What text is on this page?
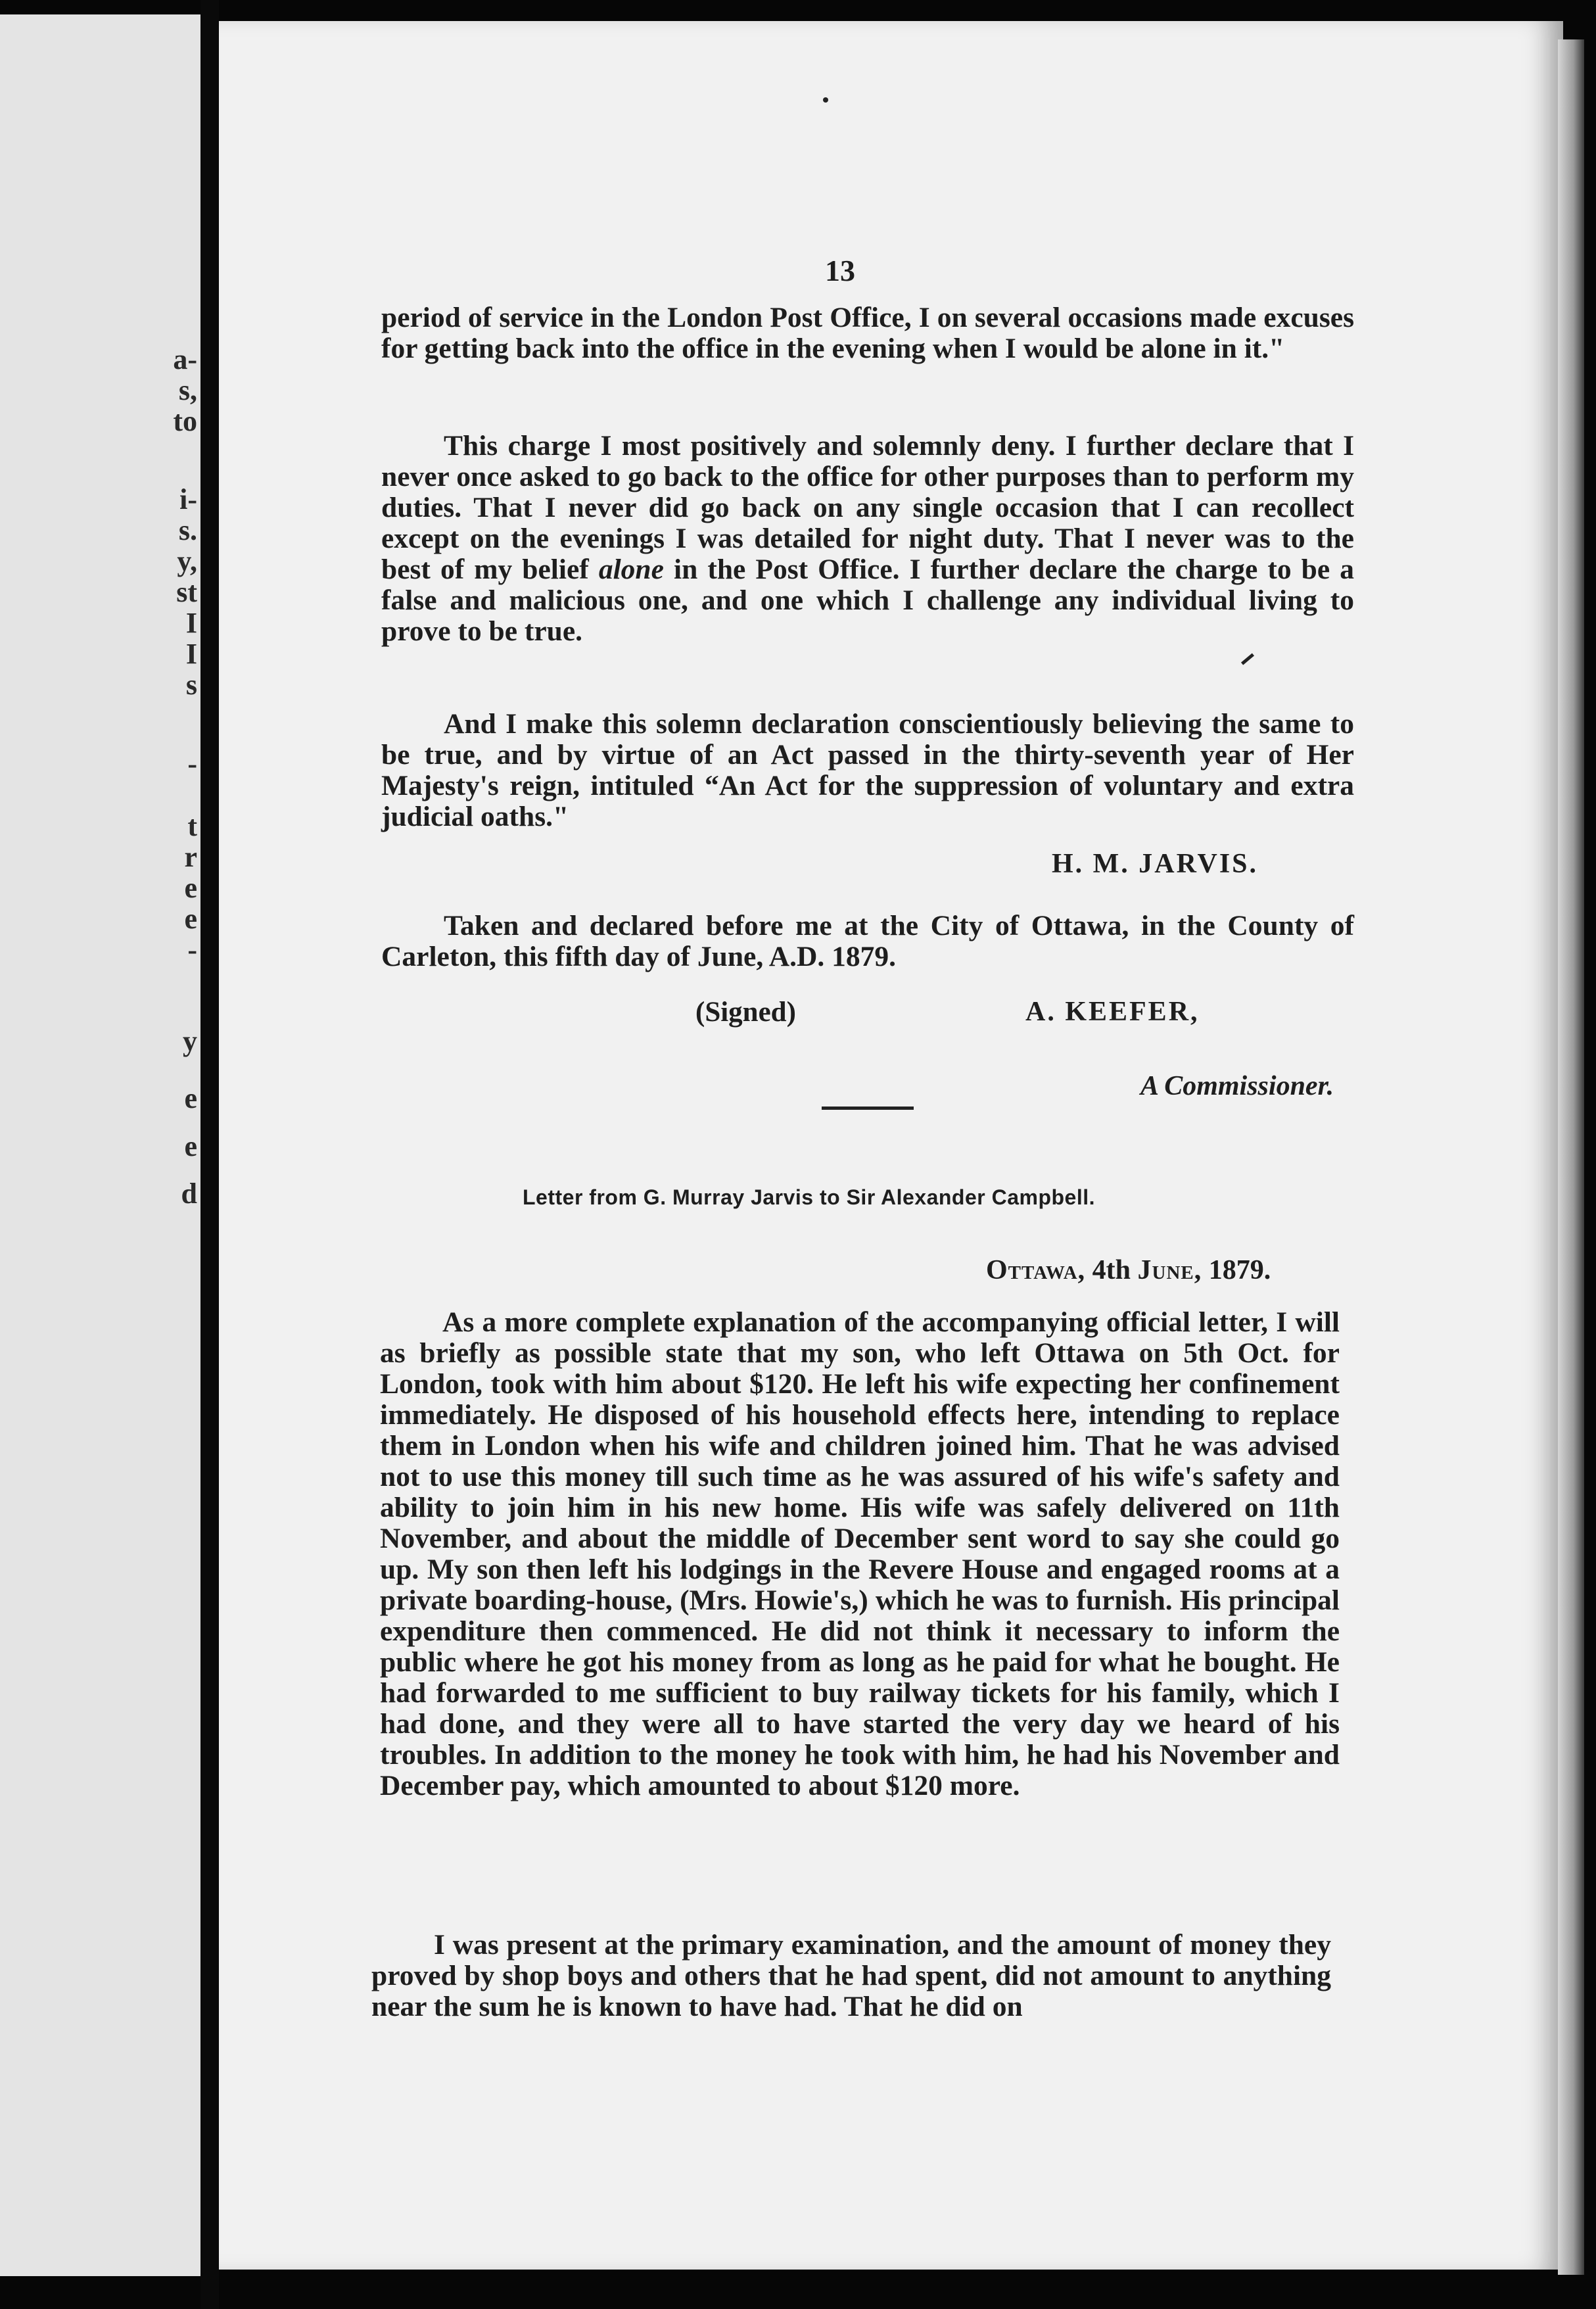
a-
s,
to
i-
s.
y,
st
I
I
s
-
t
r
e
e
-
y
e
e
d
13

period of service in the London Post Office, I on several occasions made excuses for getting back into the office in the evening when I would be alone in it."

This charge I most positively and solemnly deny. I further declare that I never once asked to go back to the office for other purposes than to perform my duties. That I never did go back on any single occasion that I can recollect except on the evenings I was detailed for night duty. That I never was to the best of my belief alone in the Post Office. I further declare the charge to be a false and malicious one, and one which I challenge any individual living to prove to be true.

And I make this solemn declaration conscientiously believing the same to be true, and by virtue of an Act passed in the thirty-seventh year of Her Majesty's reign, intituled “An Act for the suppression of voluntary and extra judicial oaths."

H. M. JARVIS.

Taken and declared before me at the City of Ottawa, in the County of Carleton, this fifth day of June, A.D. 1879.

(Signed)	A. KEEFER,
A Commissioner.
Letter from G. Murray Jarvis to Sir Alexander Campbell.
Ottawa, 4th June, 1879.

As a more complete explanation of the accompanying official letter, I will as briefly as possible state that my son, who left Ottawa on 5th Oct. for London, took with him about $120. He left his wife expecting her confinement immediately. He disposed of his household effects here, intending to replace them in London when his wife and children joined him. That he was advised not to use this money till such time as he was assured of his wife's safety and ability to join him in his new home. His wife was safely delivered on 11th November, and about the middle of December sent word to say she could go up. My son then left his lodgings in the Revere House and engaged rooms at a private boarding-house, (Mrs. Howie's,) which he was to furnish. His principal expenditure then commenced. He did not think it necessary to inform the public where he got his money from as long as he paid for what he bought. He had forwarded to me sufficient to buy railway tickets for his family, which I had done, and they were all to have started the very day we heard of his troubles. In addition to the money he took with him, he had his November and December pay, which amounted to about $120 more.

I was present at the primary examination, and the amount of money they proved by shop boys and others that he had spent, did not amount to anything near the sum he is known to have had. That he did on
